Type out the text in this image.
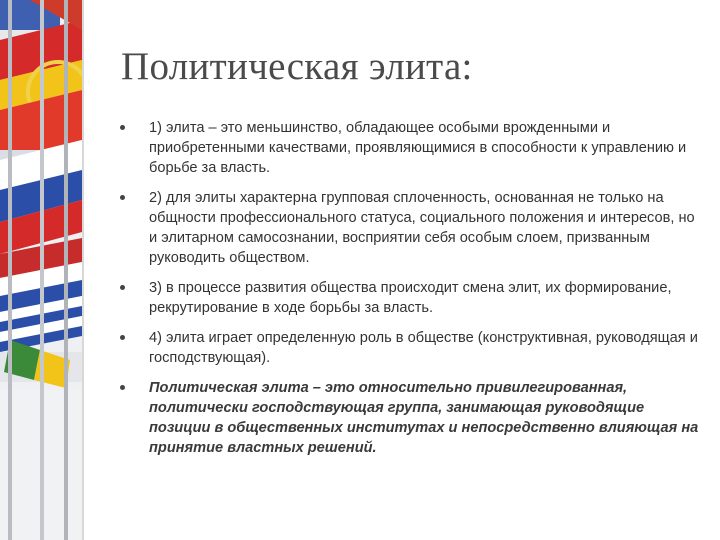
Политическая элита:
1) элита – это меньшинство, обладающее особыми врожденными и приобретенными качествами, проявляющимися в способности к управлению и борьбе за власть.
2) для элиты характерна групповая сплоченность, основанная не только на общности профессионального статуса, социального положения и интересов, но и элитарном самосознании, восприятии себя особым слоем, призванным руководить обществом.
3) в процессе развития общества происходит смена элит, их формирование, рекрутирование в ходе борьбы за власть.
4) элита играет определенную роль в обществе (конструктивная, руководящая и господствующая).
Политическая элита – это относительно привилегированная, политически господствующая группа, занимающая руководящие позиции в общественных институтах и непосредственно влияющая на принятие властных решений.
